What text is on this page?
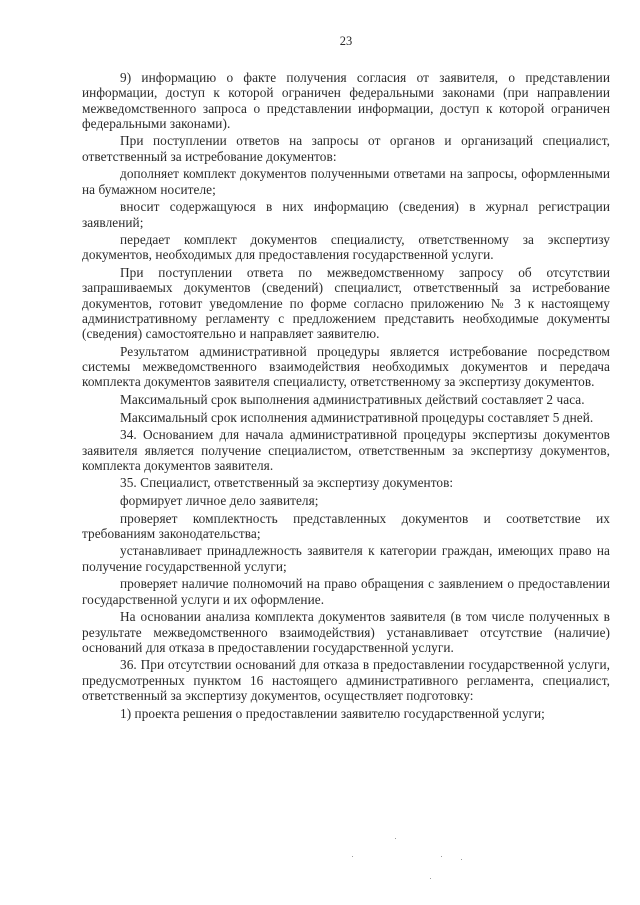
23

9) информацию о факте получения согласия от заявителя, о представлении информации, доступ к которой ограничен федеральными законами (при направлении межведомственного запроса о представлении информации, доступ к которой ограничен федеральными законами).

При поступлении ответов на запросы от органов и организаций специалист, ответственный за истребование документов:

дополняет комплект документов полученными ответами на запросы, оформленными на бумажном носителе;

вносит содержащуюся в них информацию (сведения) в журнал регистрации заявлений;

передает комплект документов специалисту, ответственному за экспертизу документов, необходимых для предоставления государственной услуги.

При поступлении ответа по межведомственному запросу об отсутствии запрашиваемых документов (сведений) специалист, ответственный за истребование документов, готовит уведомление по форме согласно приложению № 3 к настоящему административному регламенту с предложением представить необходимые документы (сведения) самостоятельно и направляет заявителю.

Результатом административной процедуры является истребование посредством системы межведомственного взаимодействия необходимых документов и передача комплекта документов заявителя специалисту, ответственному за экспертизу документов.

Максимальный срок выполнения административных действий составляет 2 часа.

Максимальный срок исполнения административной процедуры составляет 5 дней.

34. Основанием для начала административной процедуры экспертизы документов заявителя является получение специалистом, ответственным за экспертизу документов, комплекта документов заявителя.

35. Специалист, ответственный за экспертизу документов:

формирует личное дело заявителя;

проверяет комплектность представленных документов и соответствие их требованиям законодательства;

устанавливает принадлежность заявителя к категории граждан, имеющих право на получение государственной услуги;

проверяет наличие полномочий на право обращения с заявлением о предоставлении государственной услуги и их оформление.

На основании анализа комплекта документов заявителя (в том числе полученных в результате межведомственного взаимодействия) устанавливает отсутствие (наличие) оснований для отказа в предоставлении государственной услуги.

36. При отсутствии оснований для отказа в предоставлении государственной услуги, предусмотренных пунктом 16 настоящего административного регламента, специалист, ответственный за экспертизу документов, осуществляет подготовку:

1) проекта решения о предоставлении заявителю государственной услуги;
